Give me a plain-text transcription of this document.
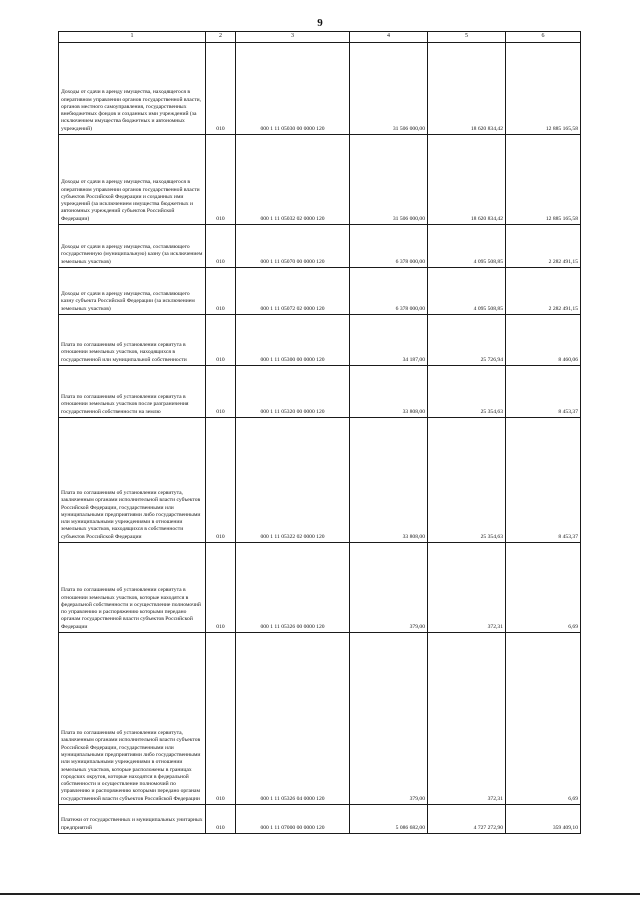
9
1	2	3	4	5	6
Доходы от сдачи в аренду имущества, находящегося в оперативном управлении органов государственной власти, органов местного самоуправления, государственных внебюджетных фондов и созданных ими учреждений (за исключением имущества бюджетных и автономных учреждений)	010	000 1 11 05030 00 0000 120	31 506 000,00	18 620 834,42	12 885 165,58
Доходы от сдачи в аренду имущества, находящегося в оперативном управлении органов государственной власти субъектов Российской Федерации и созданных ими учреждений (за исключением имущества бюджетных и автономных учреждений субъектов Российской Федерации)	010	000 1 11 05032 02 0000 120	31 506 000,00	18 620 834,42	12 885 165,58
Доходы от сдачи в аренду имущества, составляющего государственную (муниципальную) казну (за исключением земельных участков)	010	000 1 11 05070 00 0000 120	6 378 000,00	4 095 508,85	2 282 491,15
Доходы от сдачи в аренду имущества, составляющего казну субъекта Российской Федерации (за исключением земельных участков)	010	000 1 11 05072 02 0000 120	6 378 000,00	4 095 508,85	2 282 491,15
Плата по соглашениям об установлении сервитута в отношении земельных участков, находящихся в государственной или муниципальной собственности	010	000 1 11 05300 00 0000 120	34 187,00	25 726,94	8 460,06
Плата по соглашениям об установлении сервитута в отношении земельных участков после разграничения государственной собственности на землю	010	000 1 11 05320 00 0000 120	33 808,00	25 354,63	8 453,37
Плата по соглашениям об установлении сервитута, заключенным органами исполнительной власти субъектов Российской Федерации, государственными или муниципальными предприятиями либо государственными или муниципальными учреждениями в отношении земельных участков, находящихся в собственности субъектов Российской Федерации	010	000 1 11 05322 02 0000 120	33 808,00	25 354,63	8 453,37
Плата по соглашениям об установлении сервитута в отношении земельных участков, которые находятся в федеральной собственности и осуществление полномочий по управлению и распоряжению которыми передано органам государственной власти субъектов Российской Федерации	010	000 1 11 05326 00 0000 120	379,00	372,31	6,69
Плата по соглашениям об установлении сервитута, заключенным органами исполнительной власти субъектов Российской Федерации, государственными или муниципальными предприятиями либо государственными или муниципальными учреждениями в отношении земельных участков, которые расположены в границах городских округов, которые находятся в федеральной собственности и осуществление полномочий по управлению и распоряжению которыми передано органам государственной власти субъектов Российской Федерации	010	000 1 11 05326 04 0000 120	379,00	372,31	6,69
Платежи от государственных и муниципальных унитарных предприятий	010	000 1 11 07000 00 0000 120	5 086 682,00	4 727 272,90	359 409,10
